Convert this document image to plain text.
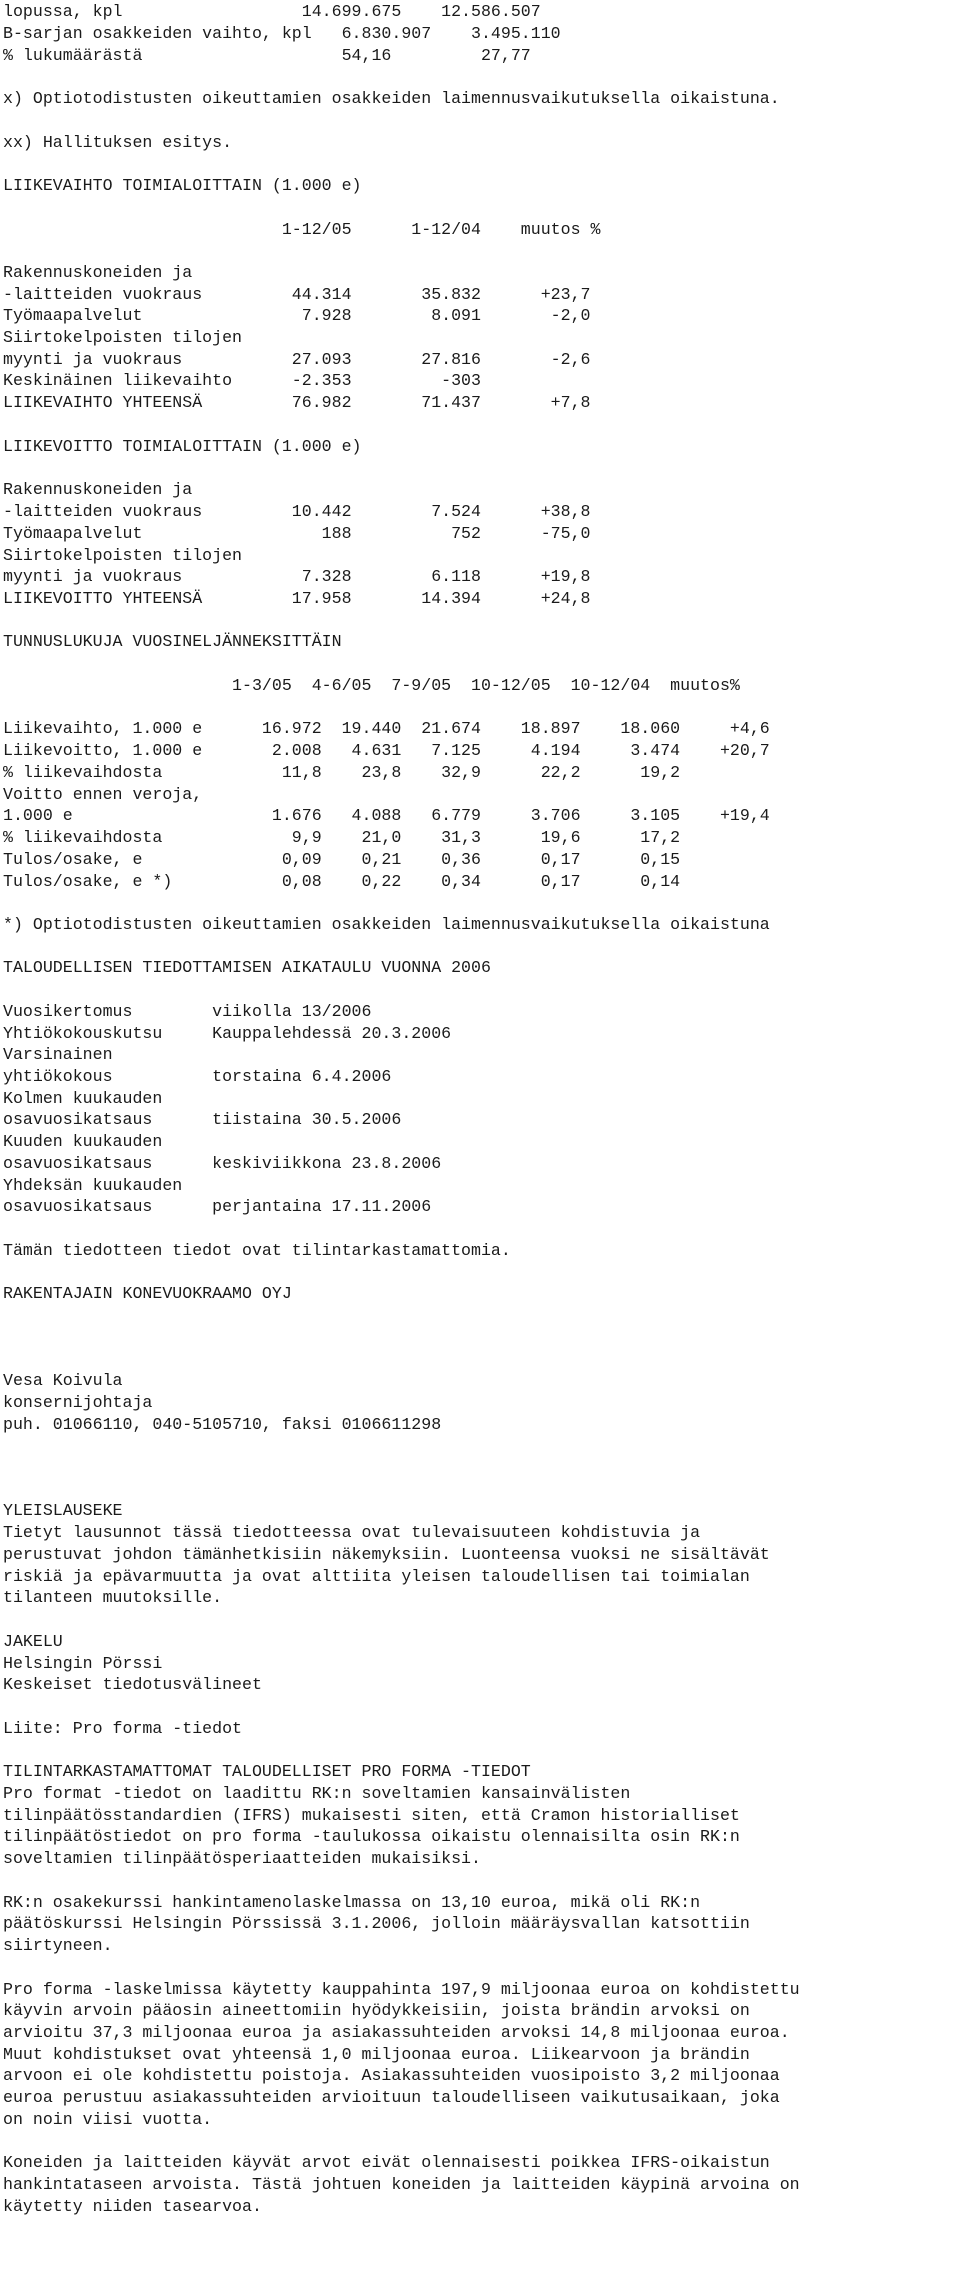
lopussa, kpl                  14.699.675    12.586.507

B-sarjan osakkeiden vaihto, kpl   6.830.907    3.495.110

% lukumäärästä                    54,16         27,77

x) Optiotodistusten oikeuttamien osakkeiden laimennusvaikutuksella oikaistuna.

xx) Hallituksen esitys.

LIIKEVAIHTO TOIMIALOITTAIN (1.000 e)

1-12/05      1-12/04    muutos %

Rakennuskoneiden ja

-laitteiden vuokraus         44.314       35.832      +23,7

Työmaapalvelut                7.928        8.091       -2,0

Siirtokelpoisten tilojen

myynti ja vuokraus           27.093       27.816       -2,6

Keskinäinen liikevaihto      -2.353         -303

LIIKEVAIHTO YHTEENSÄ         76.982       71.437       +7,8

LIIKEVOITTO TOIMIALOITTAIN (1.000 e)

Rakennuskoneiden ja

-laitteiden vuokraus         10.442        7.524      +38,8

Työmaapalvelut                  188          752      -75,0

Siirtokelpoisten tilojen

myynti ja vuokraus            7.328        6.118      +19,8

LIIKEVOITTO YHTEENSÄ         17.958       14.394      +24,8

TUNNUSLUKUJA VUOSINELJÄNNEKSITTÄIN

1-3/05  4-6/05  7-9/05  10-12/05  10-12/04  muutos%

Liikevaihto, 1.000 e      16.972  19.440  21.674    18.897    18.060     +4,6

Liikevoitto, 1.000 e       2.008   4.631   7.125     4.194     3.474    +20,7

% liikevaihdosta            11,8    23,8    32,9      22,2      19,2

Voitto ennen veroja,

1.000 e                    1.676   4.088   6.779     3.706     3.105    +19,4

% liikevaihdosta             9,9    21,0    31,3      19,6      17,2

Tulos/osake, e              0,09    0,21    0,36      0,17      0,15

Tulos/osake, e *)           0,08    0,22    0,34      0,17      0,14

*) Optiotodistusten oikeuttamien osakkeiden laimennusvaikutuksella oikaistuna

TALOUDELLISEN TIEDOTTAMISEN AIKATAULU VUONNA 2006

Vuosikertomus        viikolla 13/2006

Yhtiökokouskutsu     Kauppalehdessä 20.3.2006

Varsinainen

yhtiökokous          torstaina 6.4.2006

Kolmen kuukauden

osavuosikatsaus      tiistaina 30.5.2006

Kuuden kuukauden

osavuosikatsaus      keskiviikkona 23.8.2006

Yhdeksän kuukauden

osavuosikatsaus      perjantaina 17.11.2006

Tämän tiedotteen tiedot ovat tilintarkastamattomia.

RAKENTAJAIN KONEVUOKRAAMO OYJ

Vesa Koivula

konsernijohtaja

puh. 01066110, 040-5105710, faksi 0106611298

YLEISLAUSEKE

Tietyt lausunnot tässä tiedotteessa ovat tulevaisuuteen kohdistuvia ja

perustuvat johdon tämänhetkisiin näkemyksiin. Luonteensa vuoksi ne sisältävät

riskiä ja epävarmuutta ja ovat alttiita yleisen taloudellisen tai toimialan

tilanteen muutoksille.

JAKELU

Helsingin Pörssi

Keskeiset tiedotusvälineet

Liite: Pro forma -tiedot

TILINTARKASTAMATTOMAT TALOUDELLISET PRO FORMA -TIEDOT

Pro format -tiedot on laadittu RK:n soveltamien kansainvälisten

tilinpäätösstandardien (IFRS) mukaisesti siten, että Cramon historialliset

tilinpäätöstiedot on pro forma -taulukossa oikaistu olennaisilta osin RK:n

soveltamien tilinpäätösperiaatteiden mukaisiksi.

RK:n osakekurssi hankintamenolaskelmassa on 13,10 euroa, mikä oli RK:n

päätöskurssi Helsingin Pörssissä 3.1.2006, jolloin määräysvallan katsottiin

siirtyneen.

Pro forma -laskelmissa käytetty kauppahinta 197,9 miljoonaa euroa on kohdistettu

käyvin arvoin pääosin aineettomiin hyödykkeisiin, joista brändin arvoksi on

arvioitu 37,3 miljoonaa euroa ja asiakassuhteiden arvoksi 14,8 miljoonaa euroa.

Muut kohdistukset ovat yhteensä 1,0 miljoonaa euroa. Liikearvoon ja brändin

arvoon ei ole kohdistettu poistoja. Asiakassuhteiden vuosipoisto 3,2 miljoonaa

euroa perustuu asiakassuhteiden arvioituun taloudelliseen vaikutusaikaan, joka

on noin viisi vuotta.

Koneiden ja laitteiden käyvät arvot eivät olennaisesti poikkea IFRS-oikaistun

hankintataseen arvoista. Tästä johtuen koneiden ja laitteiden käypinä arvoina on

käytetty niiden tasearvoa.
